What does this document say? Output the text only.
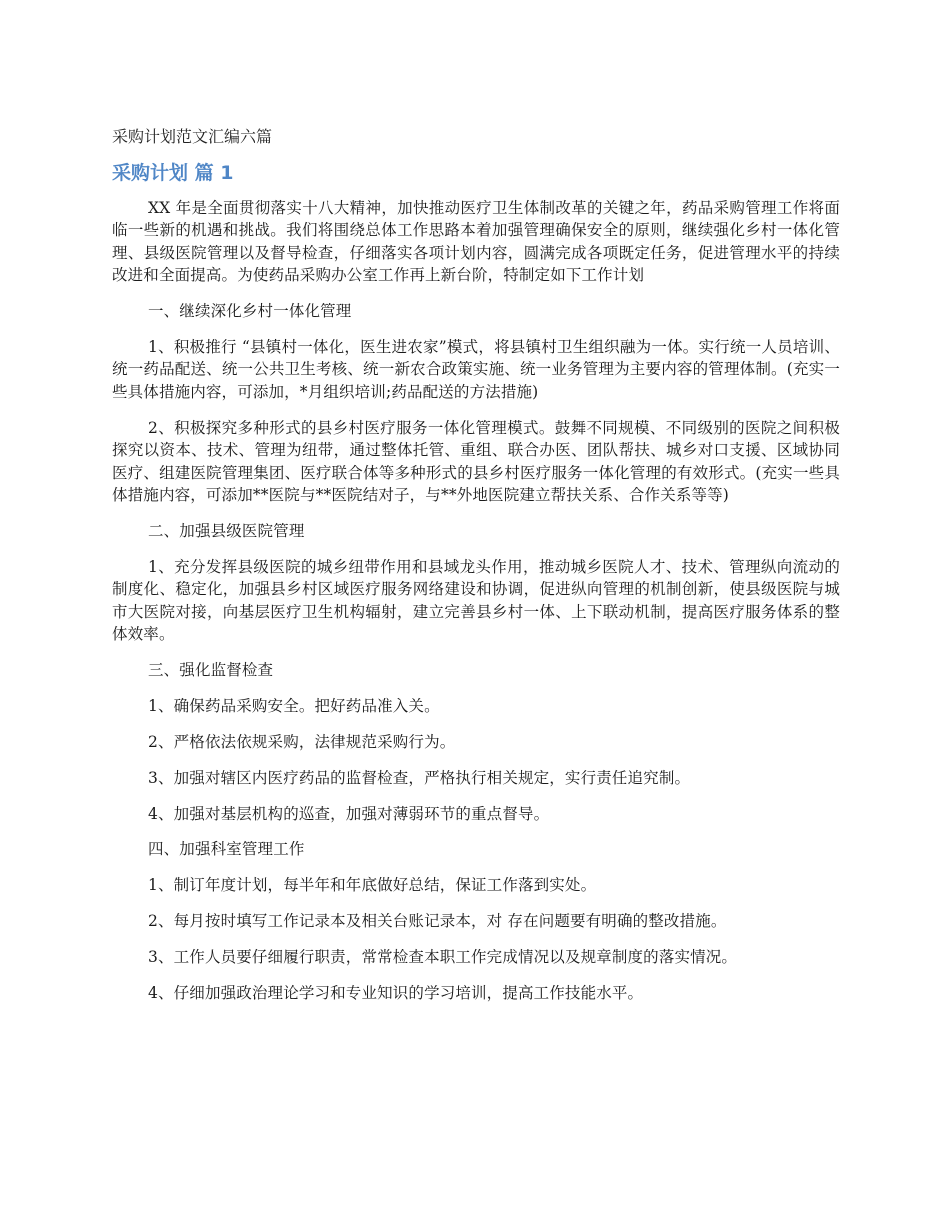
采购计划范文汇编六篇
采购计划 篇 1

XX 年是全面贯彻落实十八大精神，加快推动医疗卫生体制改革的关键之年，药品采购管理工作将面临一些新的机遇和挑战。我们将围绕总体工作思路本着加强管理确保安全的原则，继续强化乡村一体化管理、县级医院管理以及督导检查，仔细落实各项计划内容，圆满完成各项既定任务，促进管理水平的持续改进和全面提高。为使药品采购办公室工作再上新台阶，特制定如下工作计划

一、继续深化乡村一体化管理

1、积极推行 “县镇村一体化，医生进农家”模式，将县镇村卫生组织融为一体。实行统一人员培训、统一药品配送、统一公共卫生考核、统一新农合政策实施、统一业务管理为主要内容的管理体制。(充实一些具体措施内容，可添加，*月组织培训;药品配送的方法措施)

2、积极探究多种形式的县乡村医疗服务一体化管理模式。鼓舞不同规模、不同级别的医院之间积极探究以资本、技术、管理为纽带，通过整体托管、重组、联合办医、团队帮扶、城乡对口支援、区域协同医疗、组建医院管理集团、医疗联合体等多种形式的县乡村医疗服务一体化管理的有效形式。(充实一些具体措施内容，可添加**医院与**医院结对子，与**外地医院建立帮扶关系、合作关系等等)

二、加强县级医院管理

1、充分发挥县级医院的城乡纽带作用和县域龙头作用，推动城乡医院人才、技术、管理纵向流动的制度化、稳定化，加强县乡村区域医疗服务网络建设和协调，促进纵向管理的机制创新，使县级医院与城市大医院对接，向基层医疗卫生机构辐射，建立完善县乡村一体、上下联动机制，提高医疗服务体系的整体效率。

三、强化监督检查

1、确保药品采购安全。把好药品准入关。

2、严格依法依规采购，法律规范采购行为。

3、加强对辖区内医疗药品的监督检查，严格执行相关规定，实行责任追究制。

4、加强对基层机构的巡查，加强对薄弱环节的重点督导。

四、加强科室管理工作

1、制订年度计划，每半年和年底做好总结，保证工作落到实处。

2、每月按时填写工作记录本及相关台账记录本，对 存在问题要有明确的整改措施。

3、工作人员要仔细履行职责，常常检查本职工作完成情况以及规章制度的落实情况。

4、仔细加强政治理论学习和专业知识的学习培训，提高工作技能水平。
